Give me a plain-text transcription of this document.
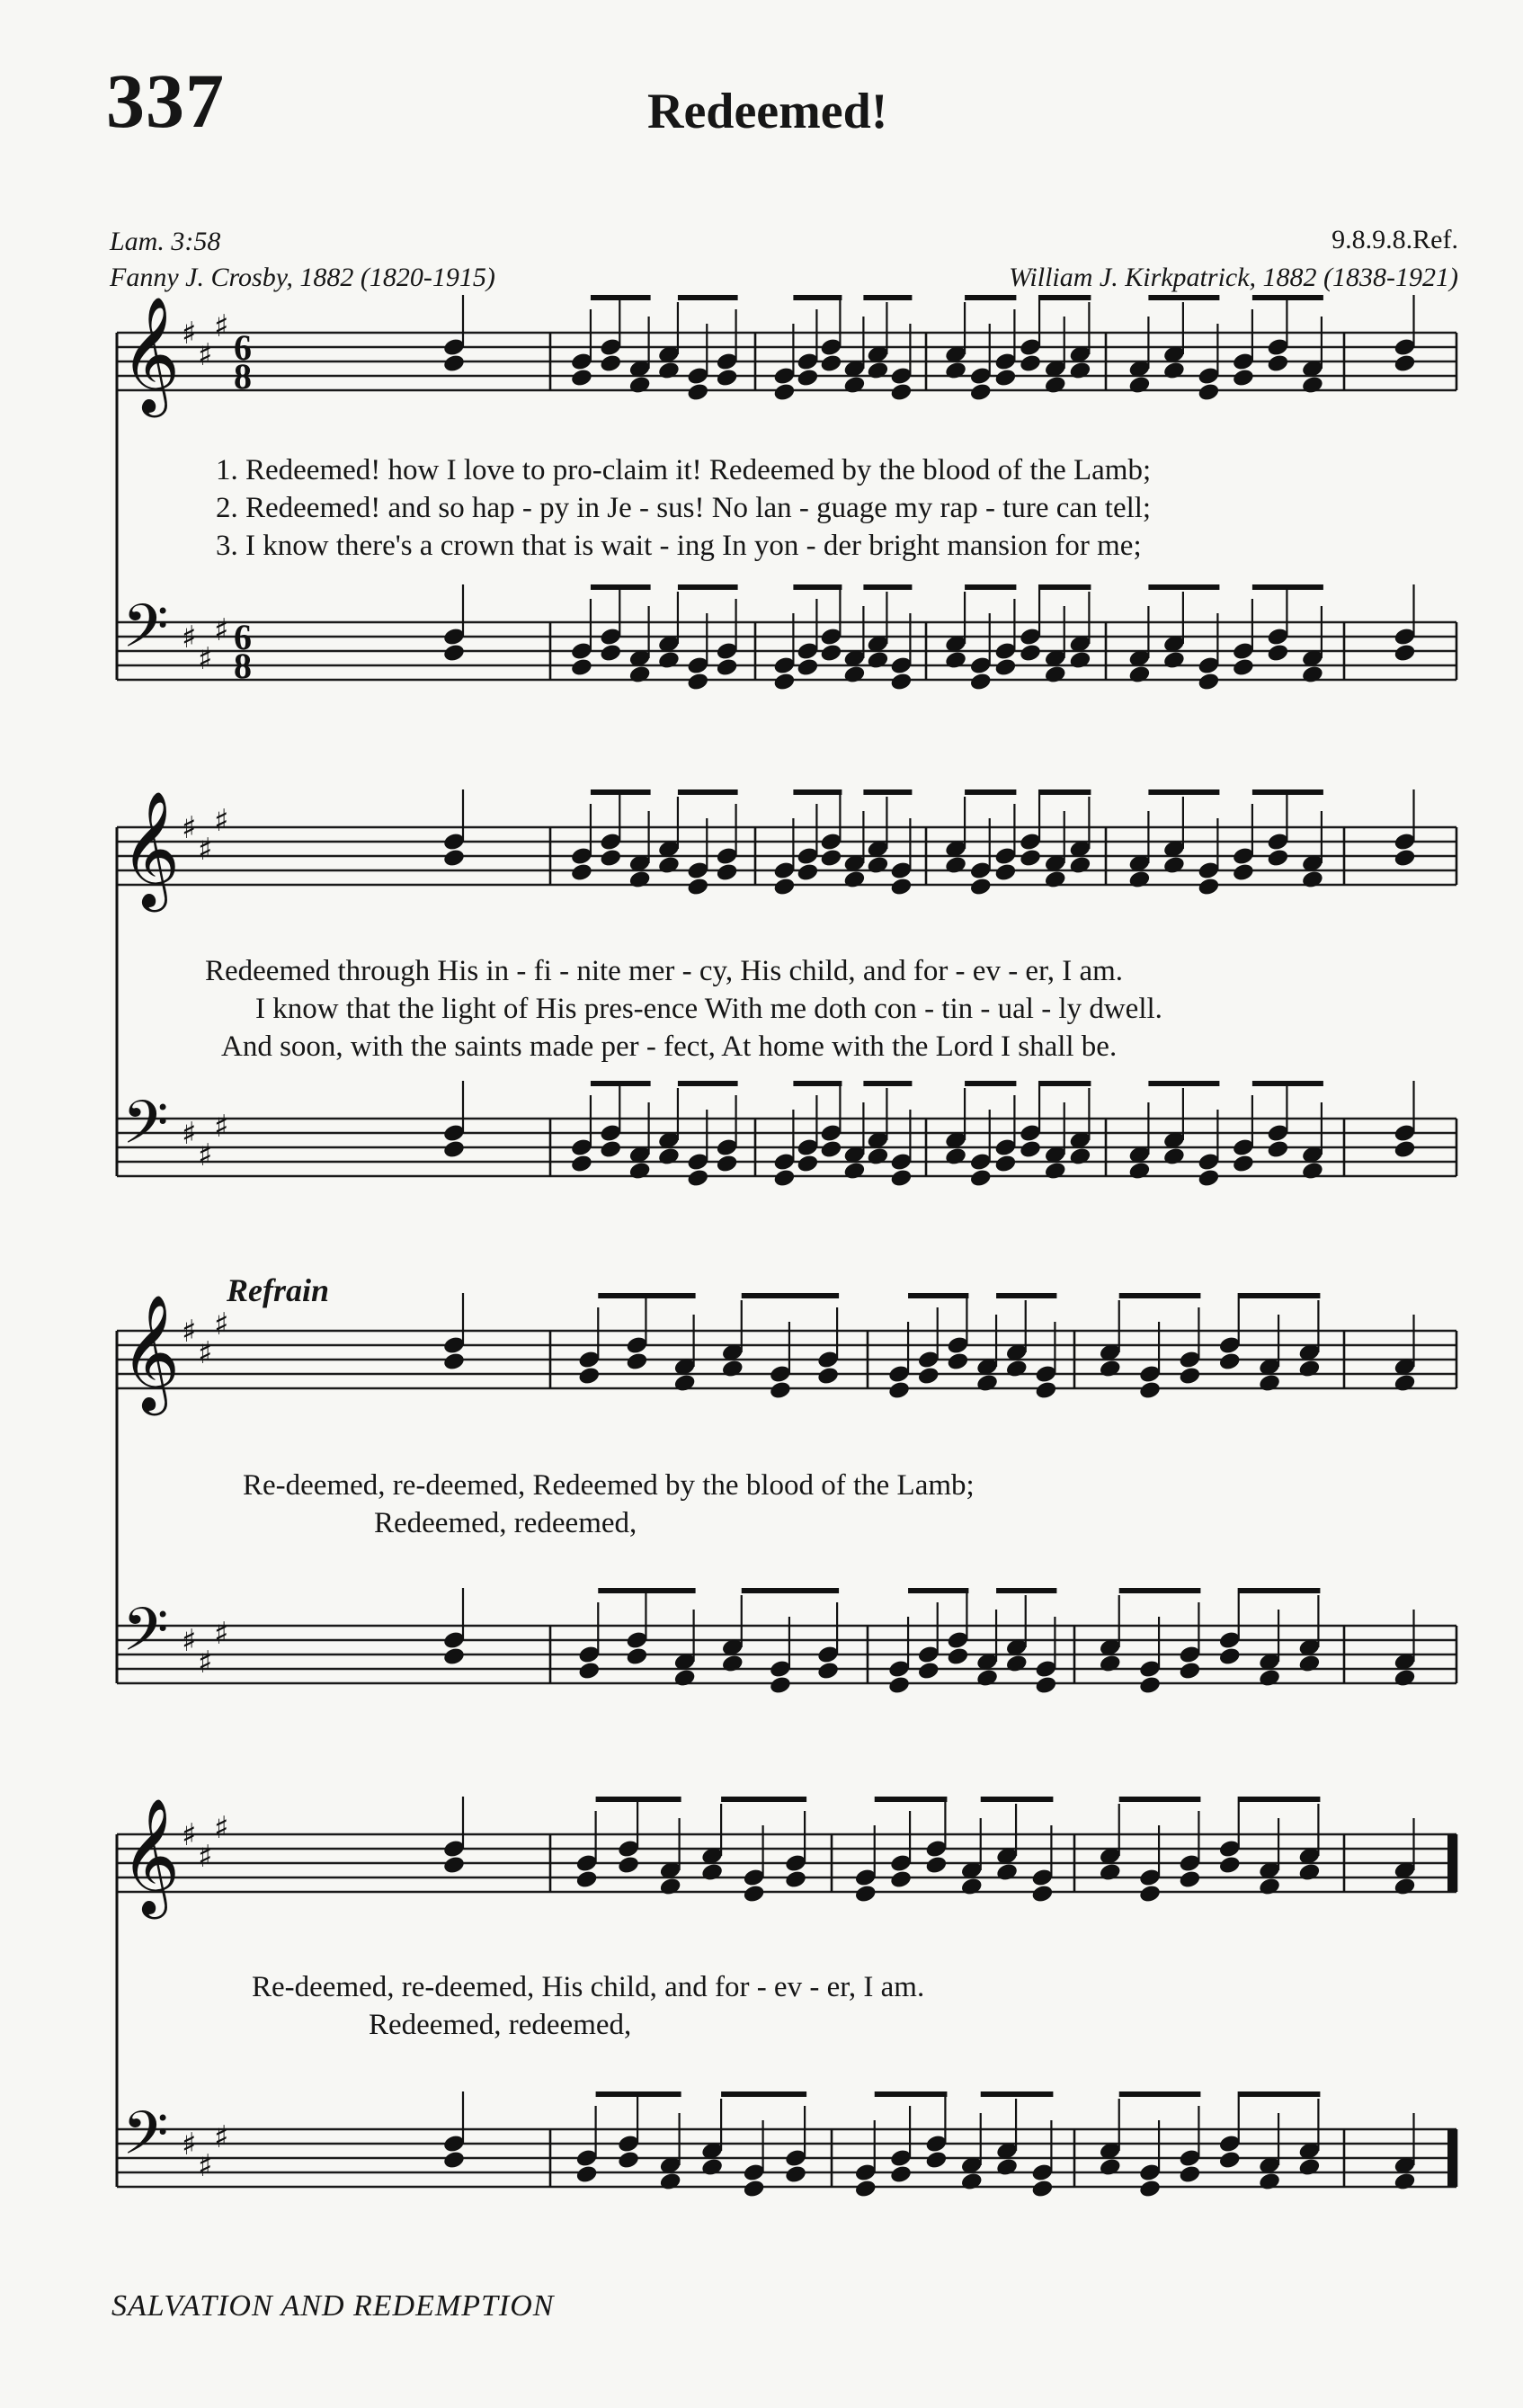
337	Redeemed!
Lam. 3:58	9.8.9.8.Ref.
Fanny J. Crosby, 1882 (1820-1915)	William J. Kirkpatrick, 1882 (1838-1921)
𝄞 ♯
♯
♯
6
8
𝄢 ♯
♯
♯ 6
8
𝄞 ♯
♯
♯
𝄢 ♯
♯
♯
𝄞 ♯
♯
♯
𝄢 ♯
♯
♯
𝄞 ♯
♯
♯
𝄢 ♯
♯
♯
1. Redeemed! how I love to pro-claim it! Redeemed by the blood of the Lamb;
2. Redeemed! and so hap - py in Je - sus! No lan - guage my rap - ture can tell;
3. I know there's a crown that is wait - ing In yon - der bright mansion for me;
Redeemed through His in - fi - nite mer - cy, His child, and for - ev - er, I am.
I know that the light of His pres-ence With me doth con - tin - ual - ly dwell.
And soon, with the saints made per - fect, At home with the Lord I shall be.
Refrain
Re-deemed, re-deemed, Redeemed by the blood of the Lamb;
Redeemed, redeemed,
Re-deemed, re-deemed, His child, and for - ev - er, I am.
Redeemed, redeemed,
SALVATION AND REDEMPTION
